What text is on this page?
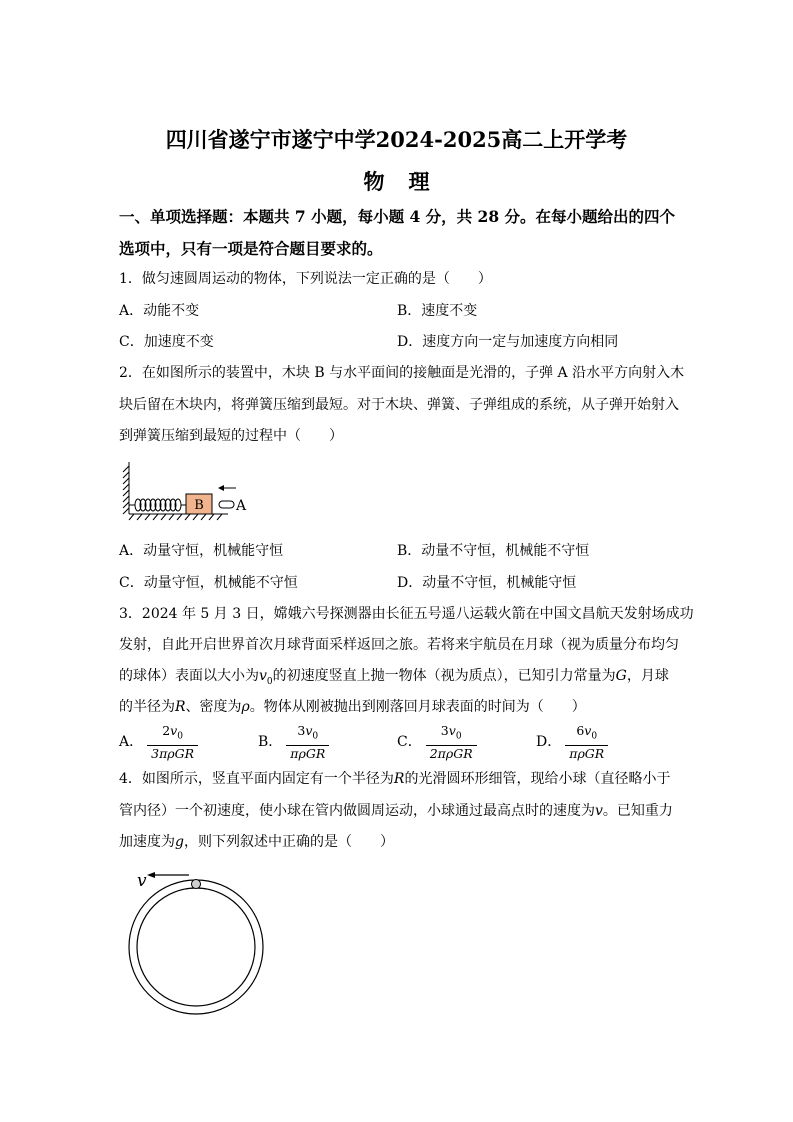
四川省遂宁市遂宁中学2024-2025高二上开学考
物理
一、单项选择题：本题共 7 小题，每小题 4 分，共 28 分。在每小题给出的四个
选项中，只有一项是符合题目要求的。
1．做匀速圆周运动的物体，下列说法一定正确的是（　　）
A．动能不变	B．速度不变
C．加速度不变	D．速度方向一定与加速度方向相同
2．在如图所示的装置中，木块 B 与水平面间的接触面是光滑的，子弹 A 沿水平方向射入木
块后留在木块内，将弹簧压缩到最短。对于木块、弹簧、子弹组成的系统，从子弹开始射入
到弹簧压缩到最短的过程中（　　）
B A
A．动量守恒，机械能守恒	B．动量不守恒，机械能不守恒
C．动量守恒，机械能不守恒	D．动量不守恒，机械能守恒
3．2024 年 5 月 3 日，嫦娥六号探测器由长征五号遥八运载火箭在中国文昌航天发射场成功
发射，自此开启世界首次月球背面采样返回之旅。若将来宇航员在月球（视为质量分布均匀
的球体）表面以大小为$v_0$的初速度竖直上抛一物体（视为质点），已知引力常量为G，月球
的半径为R、密度为ρ。物体从刚被抛出到刚落回月球表面的时间为（　　）
A． $\frac{2v_0}{\text{3πρGR}}$	B． $\frac{3v_0}{\text{πρGR}}$	C． $\frac{3v_0}{\text{2πρGR}}$	D． $\frac{6v_0}{\text{πρGR}}$
4．如图所示，竖直平面内固定有一个半径为R的光滑圆环形细管，现给小球（直径略小于
管内径）一个初速度，使小球在管内做圆周运动，小球通过最高点时的速度为v。已知重力
加速度为g，则下列叙述中正确的是（　　）
v
